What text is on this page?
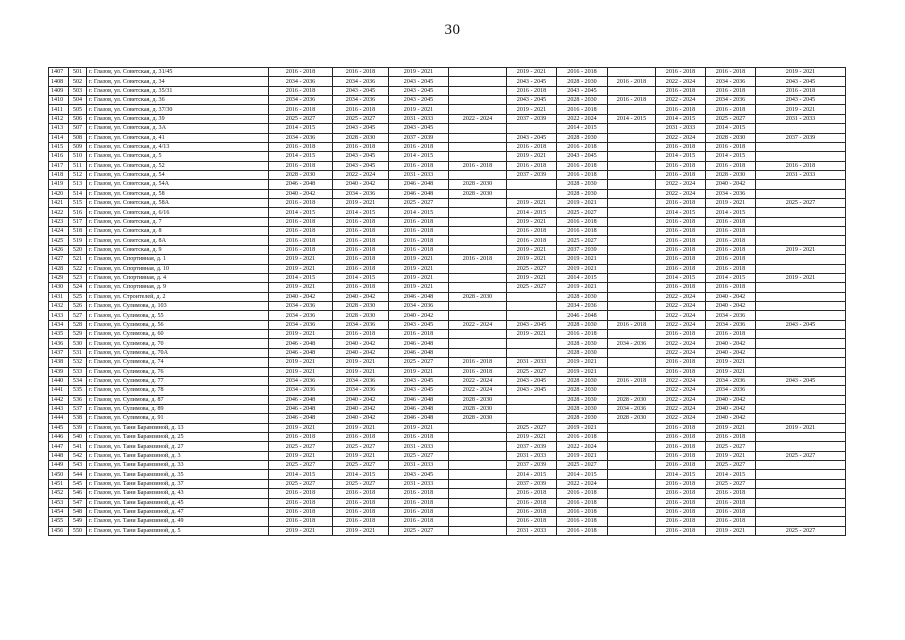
30
1407	501	г. Глазов, ул. Советская, д. 31/45	2016 - 2018	2016 - 2018	2019 - 2021		2019 - 2021	2016 - 2018		2016 - 2018	2016 - 2018	2019 - 2021
1408	502	г. Глазов, ул. Советская, д. 34	2034 - 2036	2034 - 2036	2043 - 2045		2043 - 2045	2028 - 2030	2016 - 2018	2022 - 2024	2034 - 2036	2043 - 2045
1409	503	г. Глазов, ул. Советская, д. 35/31	2016 - 2018	2043 - 2045	2043 - 2045		2016 - 2018	2043 - 2045		2016 - 2018	2016 - 2018	2016 - 2018
1410	504	г. Глазов, ул. Советская, д. 36	2034 - 2036	2034 - 2036	2043 - 2045		2043 - 2045	2028 - 2030	2016 - 2018	2022 - 2024	2034 - 2036	2043 - 2045
1411	505	г. Глазов, ул. Советская, д. 37/30	2016 - 2018	2016 - 2018	2019 - 2021		2019 - 2021	2016 - 2018		2016 - 2018	2016 - 2018	2019 - 2021
1412	506	г. Глазов, ул. Советская, д. 39	2025 - 2027	2025 - 2027	2031 - 2033	2022 - 2024	2037 - 2039	2022 - 2024	2014 - 2015	2014 - 2015	2025 - 2027	2031 - 2033
1413	507	г. Глазов, ул. Советская, д. 3А	2014 - 2015	2043 - 2045	2043 - 2045			2014 - 2015		2031 - 2033	2014 - 2015	
1414	508	г. Глазов, ул. Советская, д. 41	2034 - 2036	2028 - 2030	2037 - 2039		2043 - 2045	2028 - 2030		2022 - 2024	2028 - 2030	2037 - 2039
1415	509	г. Глазов, ул. Советская, д. 4/13	2016 - 2018	2016 - 2018	2016 - 2018		2016 - 2018	2016 - 2018		2016 - 2018	2016 - 2018	
1416	510	г. Глазов, ул. Советская, д. 5	2014 - 2015	2043 - 2045	2014 - 2015		2019 - 2021	2043 - 2045		2014 - 2015	2014 - 2015	
1417	511	г. Глазов, ул. Советская, д. 52	2016 - 2018	2043 - 2045	2016 - 2018	2016 - 2018	2016 - 2018	2016 - 2018		2016 - 2018	2016 - 2018	2016 - 2018
1418	512	г. Глазов, ул. Советская, д. 54	2028 - 2030	2022 - 2024	2031 - 2033		2037 - 2039	2016 - 2018		2016 - 2018	2028 - 2030	2031 - 2033
1419	513	г. Глазов, ул. Советская, д. 54А	2046 - 2048	2040 - 2042	2046 - 2048	2028 - 2030		2028 - 2030		2022 - 2024	2040 - 2042	
1420	514	г. Глазов, ул. Советская, д. 58	2040 - 2042	2034 - 2036	2046 - 2048	2028 - 2030		2028 - 2030		2022 - 2024	2034 - 2036	
1421	515	г. Глазов, ул. Советская, д. 58А	2016 - 2018	2019 - 2021	2025 - 2027		2019 - 2021	2019 - 2021		2016 - 2018	2019 - 2021	2025 - 2027
1422	516	г. Глазов, ул. Советская, д. 6/16	2014 - 2015	2014 - 2015	2014 - 2015		2014 - 2015	2025 - 2027		2014 - 2015	2014 - 2015	
1423	517	г. Глазов, ул. Советская, д. 7	2016 - 2018	2016 - 2018	2016 - 2018		2019 - 2021	2016 - 2018		2016 - 2018	2016 - 2018	
1424	518	г. Глазов, ул. Советская, д. 8	2016 - 2018	2016 - 2018	2016 - 2018		2016 - 2018	2016 - 2018		2016 - 2018	2016 - 2018	
1425	519	г. Глазов, ул. Советская, д. 8А	2016 - 2018	2016 - 2018	2016 - 2018		2016 - 2018	2025 - 2027		2016 - 2018	2016 - 2018	
1426	520	г. Глазов, ул. Советская, д. 9	2016 - 2018	2016 - 2018	2016 - 2018		2019 - 2021	2037 - 2039		2016 - 2018	2016 - 2018	2019 - 2021
1427	521	г. Глазов, ул. Спортивная, д. 1	2019 - 2021	2016 - 2018	2019 - 2021	2016 - 2018	2019 - 2021	2019 - 2021		2016 - 2018	2016 - 2018	
1428	522	г. Глазов, ул. Спортивная, д. 10	2019 - 2021	2016 - 2018	2019 - 2021		2025 - 2027	2019 - 2021		2016 - 2018	2016 - 2018	
1429	523	г. Глазов, ул. Спортивная, д. 4	2014 - 2015	2014 - 2015	2019 - 2021		2019 - 2021	2014 - 2015		2014 - 2015	2014 - 2015	2019 - 2021
1430	524	г. Глазов, ул. Спортивная, д. 9	2019 - 2021	2016 - 2018	2019 - 2021		2025 - 2027	2019 - 2021		2016 - 2018	2016 - 2018	
1431	525	г. Глазов, ул. Строителей, д. 2	2040 - 2042	2040 - 2042	2046 - 2048	2028 - 2030		2028 - 2030		2022 - 2024	2040 - 2042	
1432	526	г. Глазов, ул. Сулимова, д. 103	2034 - 2036	2028 - 2030	2034 - 2036			2034 - 2036		2022 - 2024	2040 - 2042	
1433	527	г. Глазов, ул. Сулимова, д. 55	2034 - 2036	2028 - 2030	2040 - 2042			2046 - 2048		2022 - 2024	2034 - 2036	
1434	528	г. Глазов, ул. Сулимова, д. 56	2034 - 2036	2034 - 2036	2043 - 2045	2022 - 2024	2043 - 2045	2028 - 2030	2016 - 2018	2022 - 2024	2034 - 2036	2043 - 2045
1435	529	г. Глазов, ул. Сулимова, д. 60	2019 - 2021	2016 - 2018	2016 - 2018		2019 - 2021	2016 - 2018		2016 - 2018	2016 - 2018	
1436	530	г. Глазов, ул. Сулимова, д. 70	2046 - 2048	2040 - 2042	2046 - 2048			2028 - 2030	2034 - 2036	2022 - 2024	2040 - 2042	
1437	531	г. Глазов, ул. Сулимова, д. 70А	2046 - 2048	2040 - 2042	2046 - 2048			2028 - 2030		2022 - 2024	2040 - 2042	
1438	532	г. Глазов, ул. Сулимова, д. 74	2019 - 2021	2019 - 2021	2025 - 2027	2016 - 2018	2031 - 2033	2019 - 2021		2016 - 2018	2019 - 2021	
1439	533	г. Глазов, ул. Сулимова, д. 76	2019 - 2021	2019 - 2021	2019 - 2021	2016 - 2018	2025 - 2027	2019 - 2021		2016 - 2018	2019 - 2021	
1440	534	г. Глазов, ул. Сулимова, д. 77	2034 - 2036	2034 - 2036	2043 - 2045	2022 - 2024	2043 - 2045	2028 - 2030	2016 - 2018	2022 - 2024	2034 - 2036	2043 - 2045
1441	535	г. Глазов, ул. Сулимова, д. 78	2034 - 2036	2034 - 2036	2043 - 2045	2022 - 2024	2043 - 2045	2028 - 2030		2022 - 2024	2034 - 2036	
1442	536	г. Глазов, ул. Сулимова, д. 87	2046 - 2048	2040 - 2042	2046 - 2048	2028 - 2030		2028 - 2030	2028 - 2030	2022 - 2024	2040 - 2042	
1443	537	г. Глазов, ул. Сулимова, д. 89	2046 - 2048	2040 - 2042	2046 - 2048	2028 - 2030		2028 - 2030	2034 - 2036	2022 - 2024	2040 - 2042	
1444	538	г. Глазов, ул. Сулимова, д. 91	2046 - 2048	2040 - 2042	2046 - 2048	2028 - 2030		2028 - 2030	2028 - 2030	2022 - 2024	2040 - 2042	
1445	539	г. Глазов, ул. Тани Барамзиной, д. 13	2019 - 2021	2019 - 2021	2019 - 2021		2025 - 2027	2019 - 2021		2016 - 2018	2019 - 2021	2019 - 2021
1446	540	г. Глазов, ул. Тани Барамзиной, д. 25	2016 - 2018	2016 - 2018	2016 - 2018		2019 - 2021	2016 - 2018		2016 - 2018	2016 - 2018	
1447	541	г. Глазов, ул. Тани Барамзиной, д. 27	2025 - 2027	2025 - 2027	2031 - 2033		2037 - 2039	2022 - 2024		2016 - 2018	2025 - 2027	
1448	542	г. Глазов, ул. Тани Барамзиной, д. 3	2019 - 2021	2019 - 2021	2025 - 2027		2031 - 2033	2019 - 2021		2016 - 2018	2019 - 2021	2025 - 2027
1449	543	г. Глазов, ул. Тани Барамзиной, д. 33	2025 - 2027	2025 - 2027	2031 - 2033		2037 - 2039	2025 - 2027		2016 - 2018	2025 - 2027	
1450	544	г. Глазов, ул. Тани Барамзиной, д. 35	2014 - 2015	2014 - 2015	2043 - 2045		2014 - 2015	2014 - 2015		2014 - 2015	2014 - 2015	
1451	545	г. Глазов, ул. Тани Барамзиной, д. 37	2025 - 2027	2025 - 2027	2031 - 2033		2037 - 2039	2022 - 2024		2016 - 2018	2025 - 2027	
1452	546	г. Глазов, ул. Тани Барамзиной, д. 43	2016 - 2018	2016 - 2018	2016 - 2018		2016 - 2018	2016 - 2018		2016 - 2018	2016 - 2018	
1453	547	г. Глазов, ул. Тани Барамзиной, д. 45	2016 - 2018	2016 - 2018	2016 - 2018		2016 - 2018	2016 - 2018		2016 - 2018	2016 - 2018	
1454	548	г. Глазов, ул. Тани Барамзиной, д. 47	2016 - 2018	2016 - 2018	2016 - 2018		2016 - 2018	2016 - 2018		2016 - 2018	2016 - 2018	
1455	549	г. Глазов, ул. Тани Барамзиной, д. 49	2016 - 2018	2016 - 2018	2016 - 2018		2016 - 2018	2016 - 2018		2016 - 2018	2016 - 2018	
1456	550	г. Глазов, ул. Тани Барамзиной, д. 5	2019 - 2021	2019 - 2021	2025 - 2027		2031 - 2033	2016 - 2018		2016 - 2018	2019 - 2021	2025 - 2027
